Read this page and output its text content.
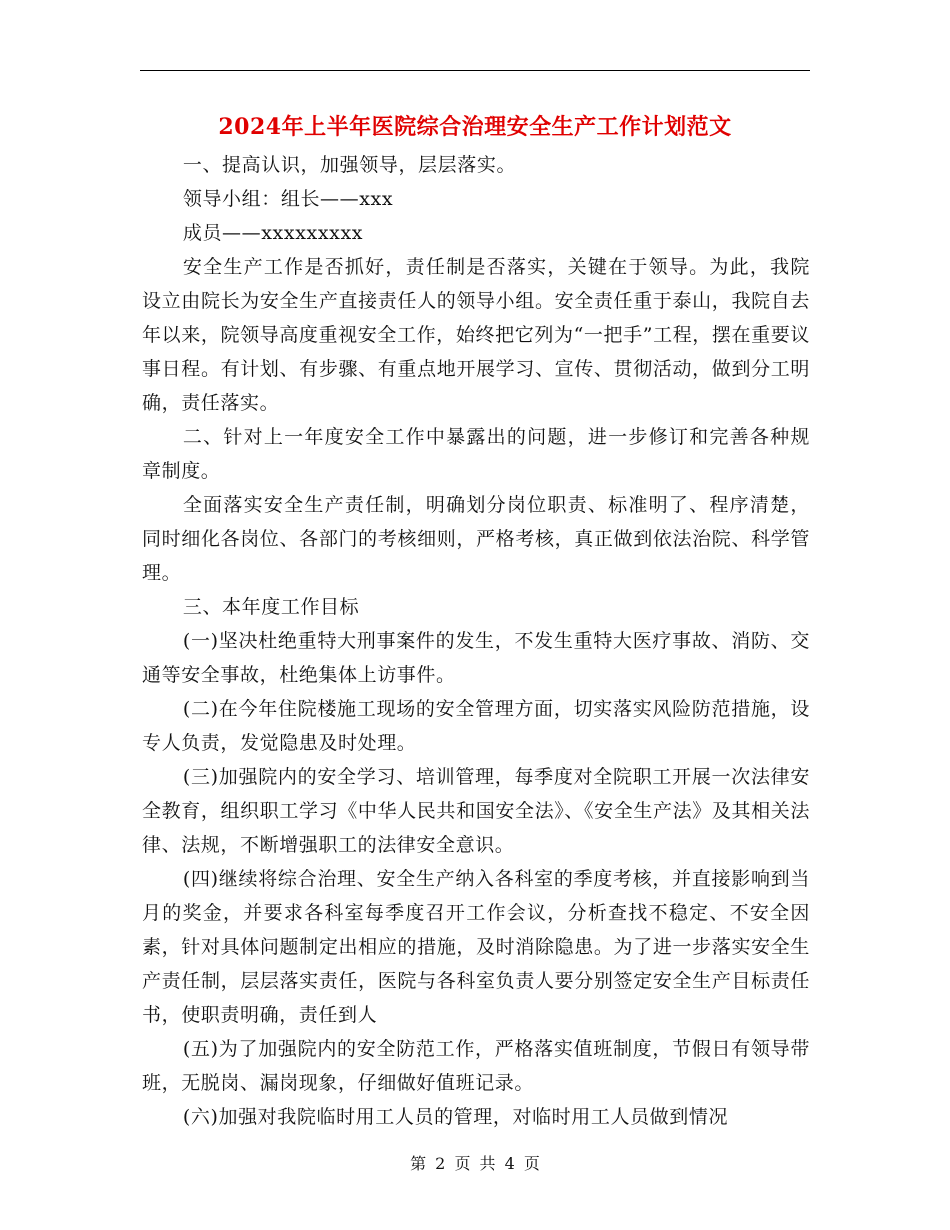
2024年上半年医院综合治理安全生产工作计划范文

一、提高认识，加强领导，层层落实。

领导小组：组长——xxx

成员——xxxxxxxxx

安全生产工作是否抓好，责任制是否落实，关键在于领导。为此，我院设立由院长为安全生产直接责任人的领导小组。安全责任重于泰山，我院自去年以来，院领导高度重视安全工作，始终把它列为“一把手”工程，摆在重要议事日程。有计划、有步骤、有重点地开展学习、宣传、贯彻活动，做到分工明确，责任落实。

二、针对上一年度安全工作中暴露出的问题，进一步修订和完善各种规章制度。

全面落实安全生产责任制，明确划分岗位职责、标准明了、程序清楚，同时细化各岗位、各部门的考核细则，严格考核，真正做到依法治院、科学管理。

三、本年度工作目标

(一)坚决杜绝重特大刑事案件的发生，不发生重特大医疗事故、消防、交通等安全事故，杜绝集体上访事件。

(二)在今年住院楼施工现场的安全管理方面，切实落实风险防范措施，设专人负责，发觉隐患及时处理。

(三)加强院内的安全学习、培训管理，每季度对全院职工开展一次法律安全教育，组织职工学习《中华人民共和国安全法》、《安全生产法》及其相关法律、法规，不断增强职工的法律安全意识。

(四)继续将综合治理、安全生产纳入各科室的季度考核，并直接影响到当月的奖金，并要求各科室每季度召开工作会议，分析查找不稳定、不安全因素，针对具体问题制定出相应的措施，及时消除隐患。为了进一步落实安全生产责任制，层层落实责任，医院与各科室负责人要分别签定安全生产目标责任书，使职责明确，责任到人

(五)为了加强院内的安全防范工作，严格落实值班制度，节假日有领导带班，无脱岗、漏岗现象，仔细做好值班记录。

(六)加强对我院临时用工人员的管理，对临时用工人员做到情况

第 2 页 共 4 页
